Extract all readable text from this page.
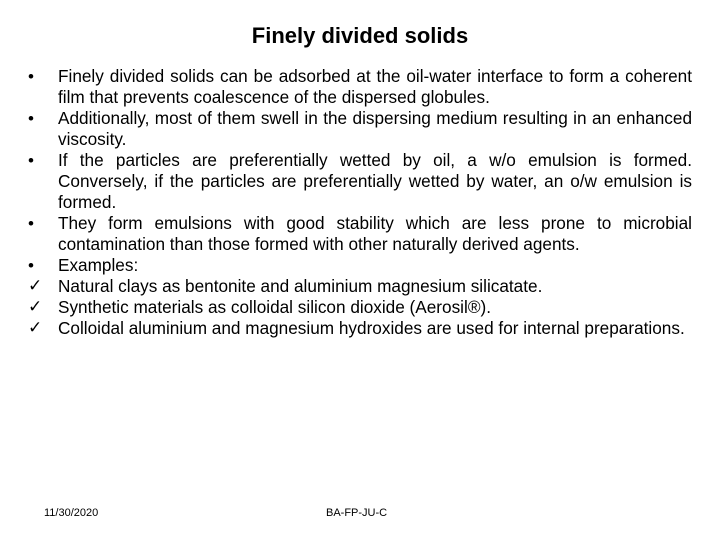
Finely divided solids
•	Finely divided solids can be adsorbed at the oil-water interface to form a coherent film that prevents coalescence of the dispersed globules.
•	Additionally, most of them swell in the dispersing medium resulting in an enhanced viscosity.
•	If the particles are preferentially wetted by oil, a w/o emulsion is formed. Conversely, if the particles are preferentially wetted by water, an o/w emulsion is formed.
•	They form emulsions with good stability which are less prone to microbial contamination than those formed with other naturally derived agents.
•	Examples:
✓ Natural clays as bentonite and aluminium magnesium silicatate.
✓ Synthetic materials as colloidal silicon dioxide (Aerosil®).
✓ Colloidal aluminium and magnesium hydroxides are used for internal preparations.
11/30/2020	BA-FP-JU-C
